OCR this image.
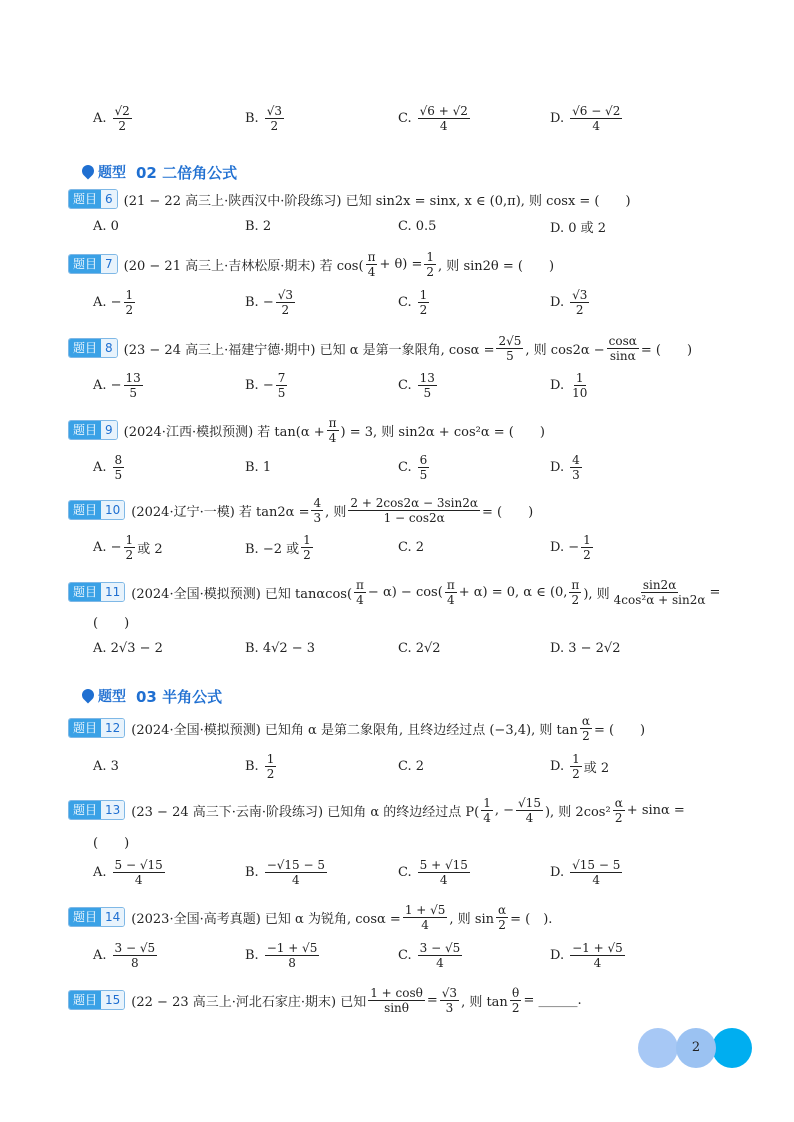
A. $\frac{√2}{2}$	B. $\frac{√3}{2}$	C. $\frac{√6 + √2}{4}$	D. $\frac{√6 - √2}{4}$
题型 02 二倍角公式
题目 6 (21 − 22 高三上·陕西汉中·阶段练习) 已知 sin2x = sinx, x ∈ (0,π), 则 cosx = (　　)
A. 0	B. 2	C. 0.5	D. 0 或 2
题目 7 (20 − 21 高三上·吉林松原·期末) 若 $\cos( \frac{\pi}{4} + \theta) = \frac{1}{2}$ , 则 sin2θ = (　　)
A. − $\frac{1}{2}$	B. − $\frac{√3}{2}$	C. $\frac{1}{2}$	D. $\frac{√3}{2}$
题目 8 (23 − 24 高三上·福建宁德·期中) 已知 α 是第一象限角, $\cos\alpha = \frac{2√5}{5}$ , 则 $\cos 2\alpha - \frac{\cos\alpha}{\sin\alpha}$ = (　　)
A. − $\frac{13}{5}$	B. − $\frac{7}{5}$	C. $\frac{13}{5}$	D. $\frac{1}{10}$
题目 9 (2024·江西·模拟预测) 若 $\tan(\alpha + \frac{\pi}{4}$ ) = 3, 则 sin2α + cos²α = (　　)
A. $\frac{8}{5}$	B. 1	C. $\frac{6}{5}$	D. $\frac{4}{3}$
题目 10 (2024·辽宁·一模) 若 $\tan 2\alpha = \frac{4}{3}$ , 则 $\frac{2 + 2\cos 2\alpha - 3\sin 2\alpha}{1 - \cos 2\alpha}$ = (　　)
A. − $\frac{1}{2}$ 或 2	B. −2 或 $\frac{1}{2}$	C. 2	D. − $\frac{1}{2}$
题目 11 (2024·全国·模拟预测) 已知 $\tan\alpha\cos( \frac{\pi}{4} - \alpha) - \cos( \frac{\pi}{4} + \alpha) = 0$, α ∈ (0, $\frac{\pi}{2}$ ), 则 $\frac{\sin 2\alpha}{\text{4cos²α + sin2α}}$ =
(　　)
A. 2√3 − 2	B. 4√2 − 3	C. 2√2	D. 3 − 2√2
题型 03 半角公式
题目 12 (2024·全国·模拟预测) 已知角 α 是第二象限角, 且终边经过点 (−3,4), 则 $\tan \frac{\alpha}{2}$ = (　　)
A. 3	B. $\frac{1}{2}$	C. 2	D. $\frac{1}{2}$ 或 2
题目 13 (23 − 24 高三下·云南·阶段练习) 已知角 α 的终边经过点 $P( \frac{1}{4}$ , − $\frac{√15}{4}$ ), 则 $2\cos^2 \frac{\alpha}{2} + \sin\alpha$ =
(　　)
A. $\frac{5 - √15}{4}$	B. $\frac{-√15 - 5}{4}$	C. $\frac{5 + √15}{4}$	D. $\frac{√15 - 5}{4}$
题目 14 (2023·全国·高考真题) 已知 α 为锐角, $\cos\alpha = \frac{1 + √5}{4}$ , 则 $\sin \frac{\alpha}{2}$ = (　).
A. $\frac{3 - √5}{8}$	B. $\frac{-1 + √5}{8}$	C. $\frac{3 - √5}{4}$	D. $\frac{-1 + √5}{4}$
题目 15 (22 − 23 高三上·河北石家庄·期末) 已知 $\frac{1 + \cos\theta}{\sin\theta} = \frac{√3}{3}$ , 则 $\tan \frac{\theta}{2}$ = ______.
2
